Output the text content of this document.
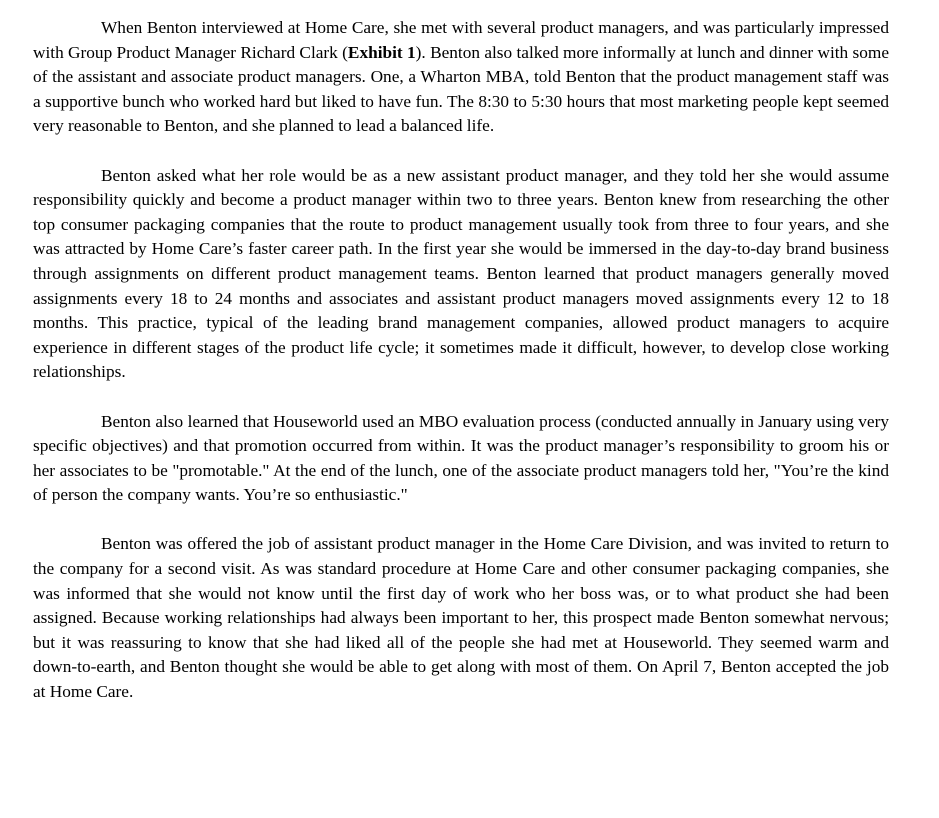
When Benton interviewed at Home Care, she met with several product managers, and was particularly impressed with Group Product Manager Richard Clark (Exhibit 1). Benton also talked more informally at lunch and dinner with some of the assistant and associate product managers. One, a Wharton MBA, told Benton that the product management staff was a supportive bunch who worked hard but liked to have fun. The 8:30 to 5:30 hours that most marketing people kept seemed very reasonable to Benton, and she planned to lead a balanced life.

Benton asked what her role would be as a new assistant product manager, and they told her she would assume responsibility quickly and become a product manager within two to three years. Benton knew from researching the other top consumer packaging companies that the route to product management usually took from three to four years, and she was attracted by Home Care’s faster career path. In the first year she would be immersed in the day-to-day brand business through assignments on different product management teams. Benton learned that product managers generally moved assignments every 18 to 24 months and associates and assistant product managers moved assignments every 12 to 18 months. This practice, typical of the leading brand management companies, allowed product managers to acquire experience in different stages of the product life cycle; it sometimes made it difficult, however, to develop close working relationships.

Benton also learned that Houseworld used an MBO evaluation process (conducted annually in January using very specific objectives) and that promotion occurred from within. It was the product manager’s responsibility to groom his or her associates to be "promotable." At the end of the lunch, one of the associate product managers told her, "You’re the kind of person the company wants. You’re so enthusiastic."

Benton was offered the job of assistant product manager in the Home Care Division, and was invited to return to the company for a second visit. As was standard procedure at Home Care and other consumer packaging companies, she was informed that she would not know until the first day of work who her boss was, or to what product she had been assigned. Because working relationships had always been important to her, this prospect made Benton somewhat nervous; but it was reassuring to know that she had liked all of the people she had met at Houseworld. They seemed warm and down-to-earth, and Benton thought she would be able to get along with most of them. On April 7, Benton accepted the job at Home Care.
